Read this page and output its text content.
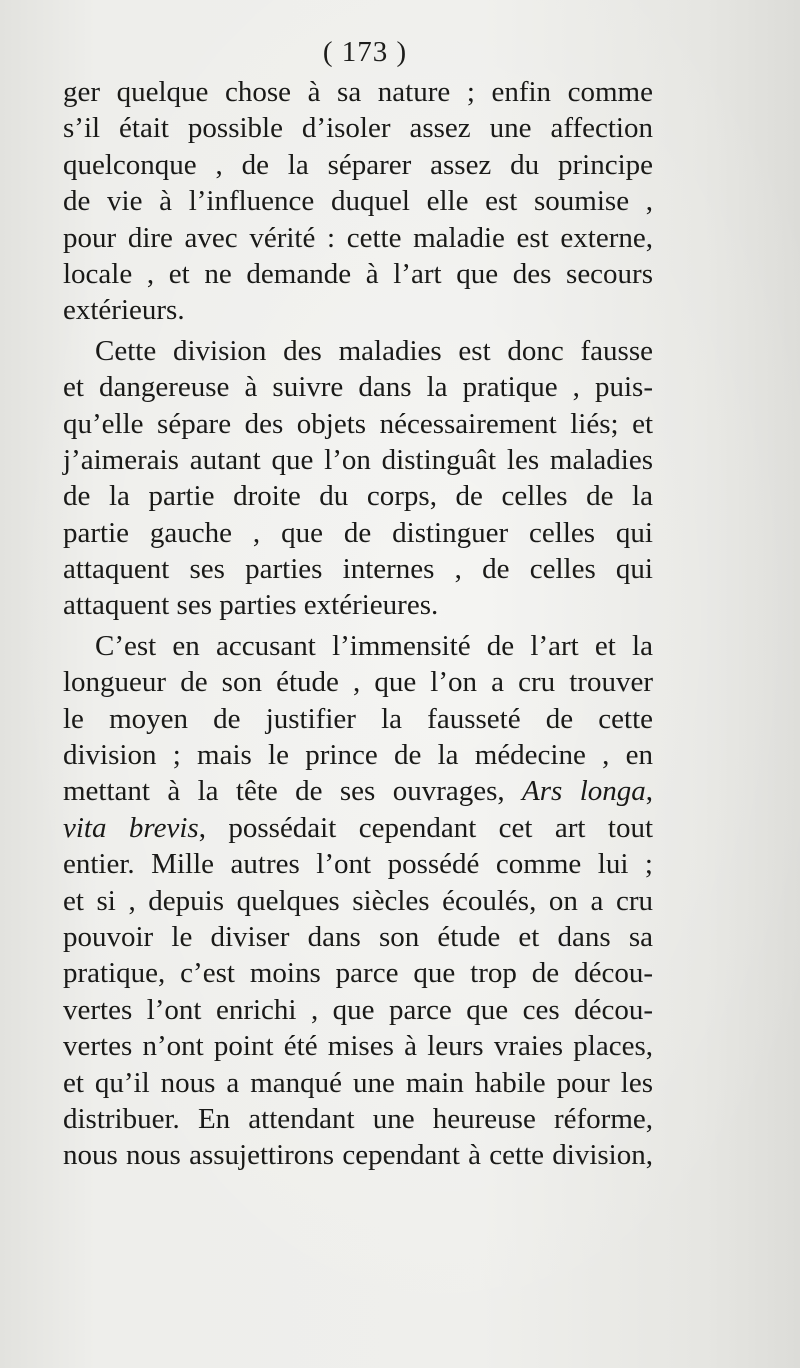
( 173 )
ger quelque chose à sa nature ; enfin comme
s’il était possible d’isoler assez une affection
quelconque , de la séparer assez du principe
de vie à l’influence duquel elle est soumise ,
pour dire avec vérité : cette maladie est externe,
locale , et ne demande à l’art que des secours
extérieurs.
Cette division des maladies est donc fausse
et dangereuse à suivre dans la pratique , puis-
qu’elle sépare des objets nécessairement liés; et
j’aimerais autant que l’on distinguât les maladies
de la partie droite du corps, de celles de la
partie gauche , que de distinguer celles qui
attaquent ses parties internes , de celles qui
attaquent ses parties extérieures.
C’est en accusant l’immensité de l’art et la
longueur de son étude , que l’on a cru trouver
le moyen de justifier la fausseté de cette
division ; mais le prince de la médecine , en
mettant à la tête de ses ouvrages, Ars longa,
vita brevis, possédait cependant cet art tout
entier. Mille autres l’ont possédé comme lui ;
et si , depuis quelques siècles écoulés, on a cru
pouvoir le diviser dans son étude et dans sa
pratique, c’est moins parce que trop de décou-
vertes l’ont enrichi , que parce que ces décou-
vertes n’ont point été mises à leurs vraies places,
et qu’il nous a manqué une main habile pour les
distribuer. En attendant une heureuse réforme,
nous nous assujettirons cependant à cette division,
